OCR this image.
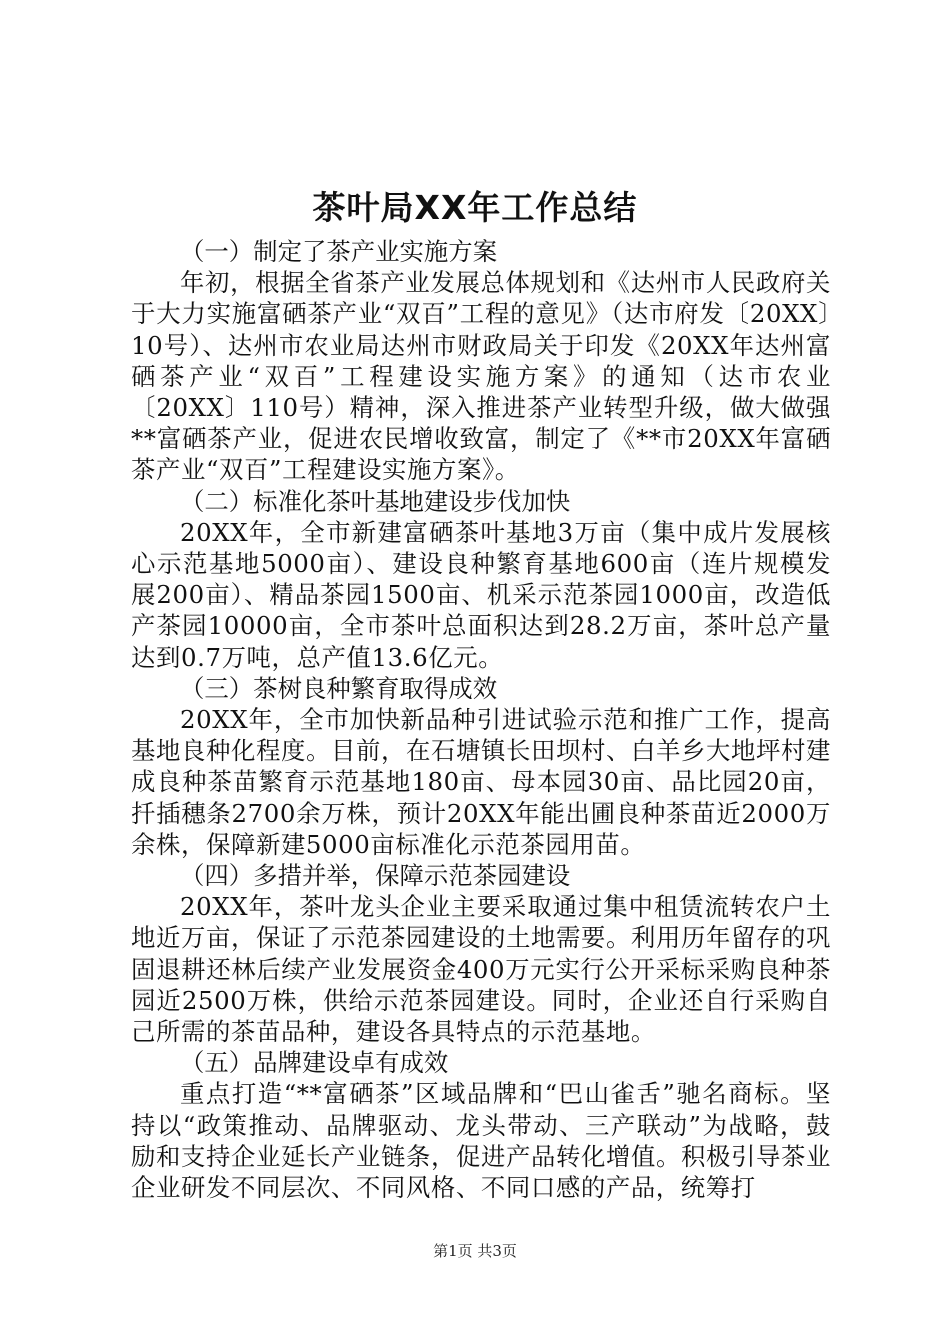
茶叶局XX年工作总结

（一）制定了茶产业实施方案

年初，根据全省茶产业发展总体规划和《达州市人民政府关于大力实施富硒茶产业“双百”工程的意见》（达市府发〔20XX〕10号）、达州市农业局达州市财政局关于印发《20XX年达州富硒茶产业“双百”工程建设实施方案》的通知（达市农业〔20XX〕110号）精神，深入推进茶产业转型升级，做大做强**富硒茶产业，促进农民增收致富，制定了《**市20XX年富硒茶产业“双百”工程建设实施方案》。

（二）标准化茶叶基地建设步伐加快

20XX年，全市新建富硒茶叶基地3万亩（集中成片发展核心示范基地5000亩）、建设良种繁育基地600亩（连片规模发展200亩）、精品茶园1500亩、机采示范茶园1000亩，改造低产茶园10000亩，全市茶叶总面积达到28.2万亩，茶叶总产量达到0.7万吨，总产值13.6亿元。

（三）茶树良种繁育取得成效

20XX年，全市加快新品种引进试验示范和推广工作，提高基地良种化程度。目前，在石塘镇长田坝村、白羊乡大地坪村建成良种茶苗繁育示范基地180亩、母本园30亩、品比园20亩，扦插穗条2700余万株，预计20XX年能出圃良种茶苗近2000万余株，保障新建5000亩标准化示范茶园用苗。

（四）多措并举，保障示范茶园建设

20XX年，茶叶龙头企业主要采取通过集中租赁流转农户土地近万亩，保证了示范茶园建设的土地需要。利用历年留存的巩固退耕还林后续产业发展资金400万元实行公开采标采购良种茶园近2500万株，供给示范茶园建设。同时，企业还自行采购自己所需的茶苗品种，建设各具特点的示范基地。

（五）品牌建设卓有成效

重点打造“**富硒茶”区域品牌和“巴山雀舌”驰名商标。坚持以“政策推动、品牌驱动、龙头带动、三产联动”为战略，鼓励和支持企业延长产业链条，促进产品转化增值。积极引导茶业企业研发不同层次、不同风格、不同口感的产品，统筹打

第1页 共3页
